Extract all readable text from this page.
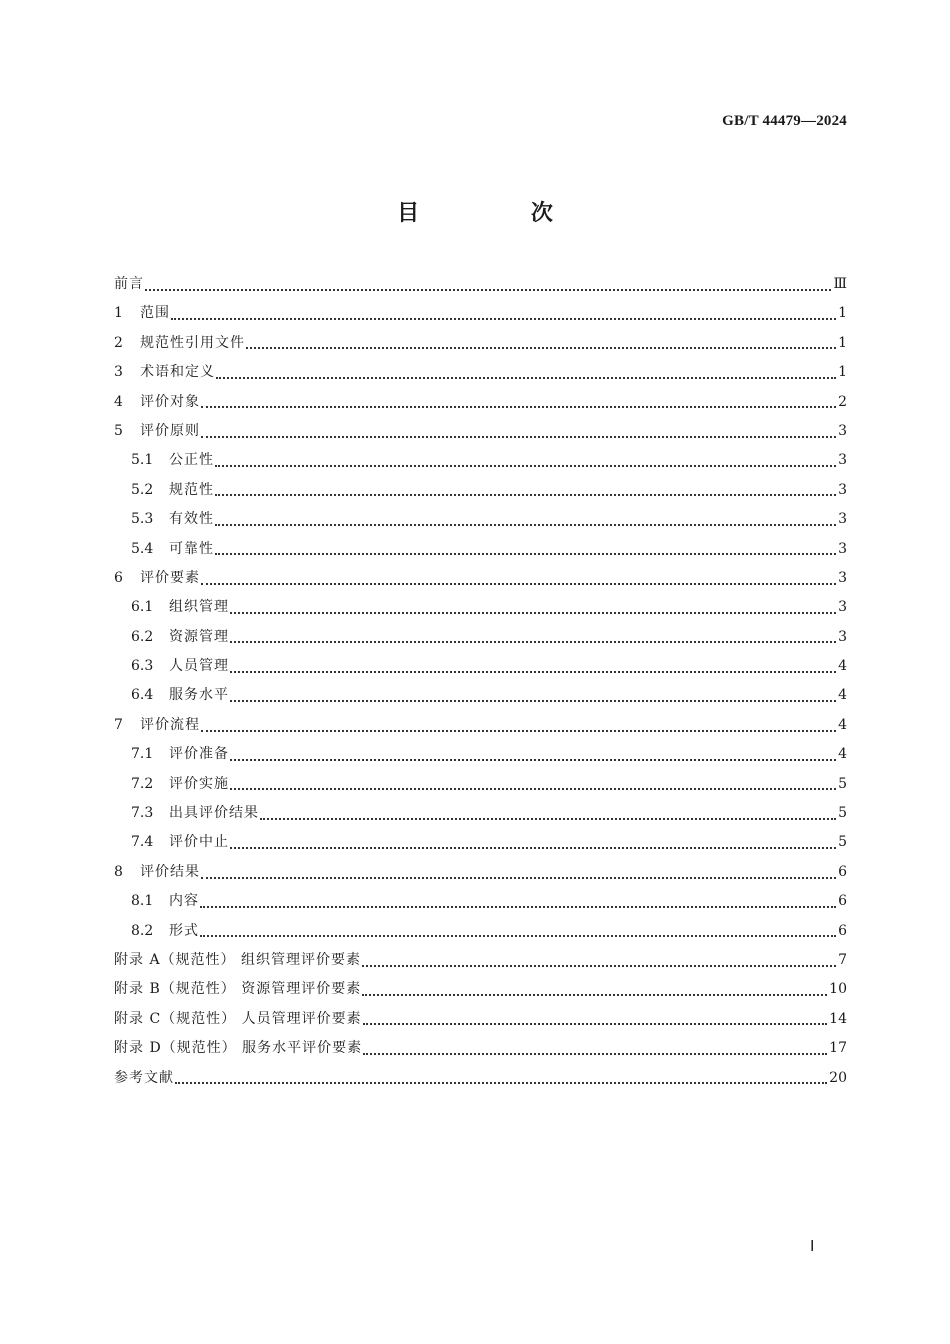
GB/T 44479—2024
目 次
前言	Ⅲ
1	范围	1
2	规范性引用文件	1
3	术语和定义	1
4	评价对象	2
5	评价原则	3
5.1	公正性	3
5.2	规范性	3
5.3	有效性	3
5.4	可靠性	3
6	评价要素	3
6.1	组织管理	3
6.2	资源管理	3
6.3	人员管理	4
6.4	服务水平	4
7	评价流程	4
7.1	评价准备	4
7.2	评价实施	5
7.3	出具评价结果	5
7.4	评价中止	5
8	评价结果	6
8.1	内容	6
8.2	形式	6
附录 A（规范性） 组织管理评价要素	7
附录 B（规范性） 资源管理评价要素	10
附录 C（规范性） 人员管理评价要素	14
附录 D（规范性） 服务水平评价要素	17
参考文献	20
Ⅰ
